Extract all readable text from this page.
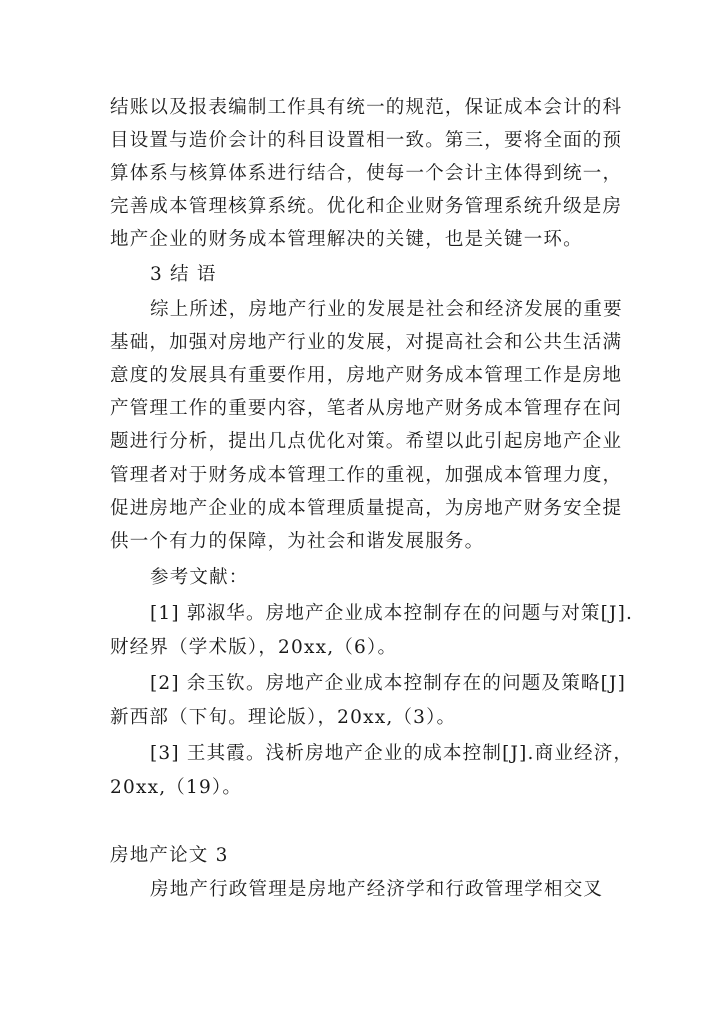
结账以及报表编制工作具有统一的规范，保证成本会计的科
目设置与造价会计的科目设置相一致。第三，要将全面的预
算体系与核算体系进行结合，使每一个会计主体得到统一，
完善成本管理核算系统。优化和企业财务管理系统升级是房
地产企业的财务成本管理解决的关键，也是关键一环。
3 结 语
综上所述，房地产行业的发展是社会和经济发展的重要
基础，加强对房地产行业的发展，对提高社会和公共生活满
意度的发展具有重要作用，房地产财务成本管理工作是房地
产管理工作的重要内容，笔者从房地产财务成本管理存在问
题进行分析，提出几点优化对策。希望以此引起房地产企业
管理者对于财务成本管理工作的重视，加强成本管理力度，
促进房地产企业的成本管理质量提高，为房地产财务安全提
供一个有力的保障，为社会和谐发展服务。
参考文献：
[1] 郭淑华。房地产企业成本控制存在的问题与对策[J].
财经界（学术版），20xx,（6）。
[2] 余玉钦。房地产企业成本控制存在的问题及策略[J]
新西部（下旬。理论版），20xx,（3）。
[3] 王其霞。浅析房地产企业的成本控制[J].商业经济，
20xx,（19）。
房地产论文 3
房地产行政管理是房地产经济学和行政管理学相交叉
